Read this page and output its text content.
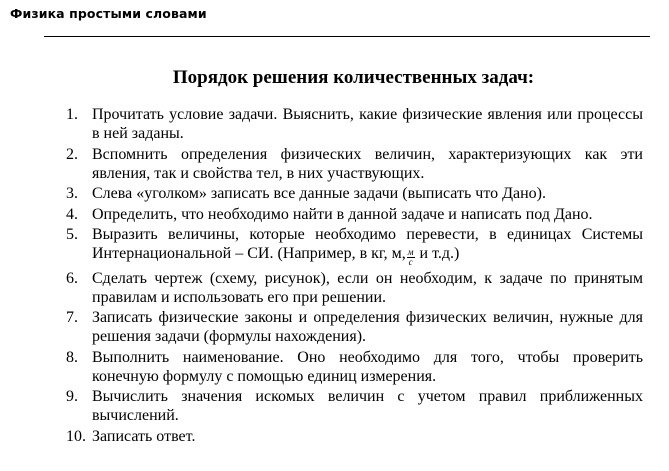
Физика простыми словами
Порядок решения количественных задач:
1. Прочитать условие задачи. Выяснить, какие физические явления или процессы в ней заданы.
2. Вспомнить определения физических величин, характеризующих как эти явления, так и свойства тел, в них участвующих.
3. Слева «уголком» записать все данные задачи (выписать что Дано).
4. Определить, что необходимо найти в данной задаче и написать под Дано.
5. Выразить величины, которые необходимо перевести, в единицах Системы Интернациональной – СИ. (Например, в кг, м, $\frac{м}{с}$ и т.д.)
6. Сделать чертеж (схему, рисунок), если он необходим, к задаче по принятым правилам и использовать его при решении.
7. Записать физические законы и определения физических величин, нужные для решения задачи (формулы нахождения).
8. Выполнить наименование. Оно необходимо для того, чтобы проверить конечную формулу с помощью единиц измерения.
9. Вычислить значения искомых величин с учетом правил приближенных вычислений.
10. Записать ответ.
